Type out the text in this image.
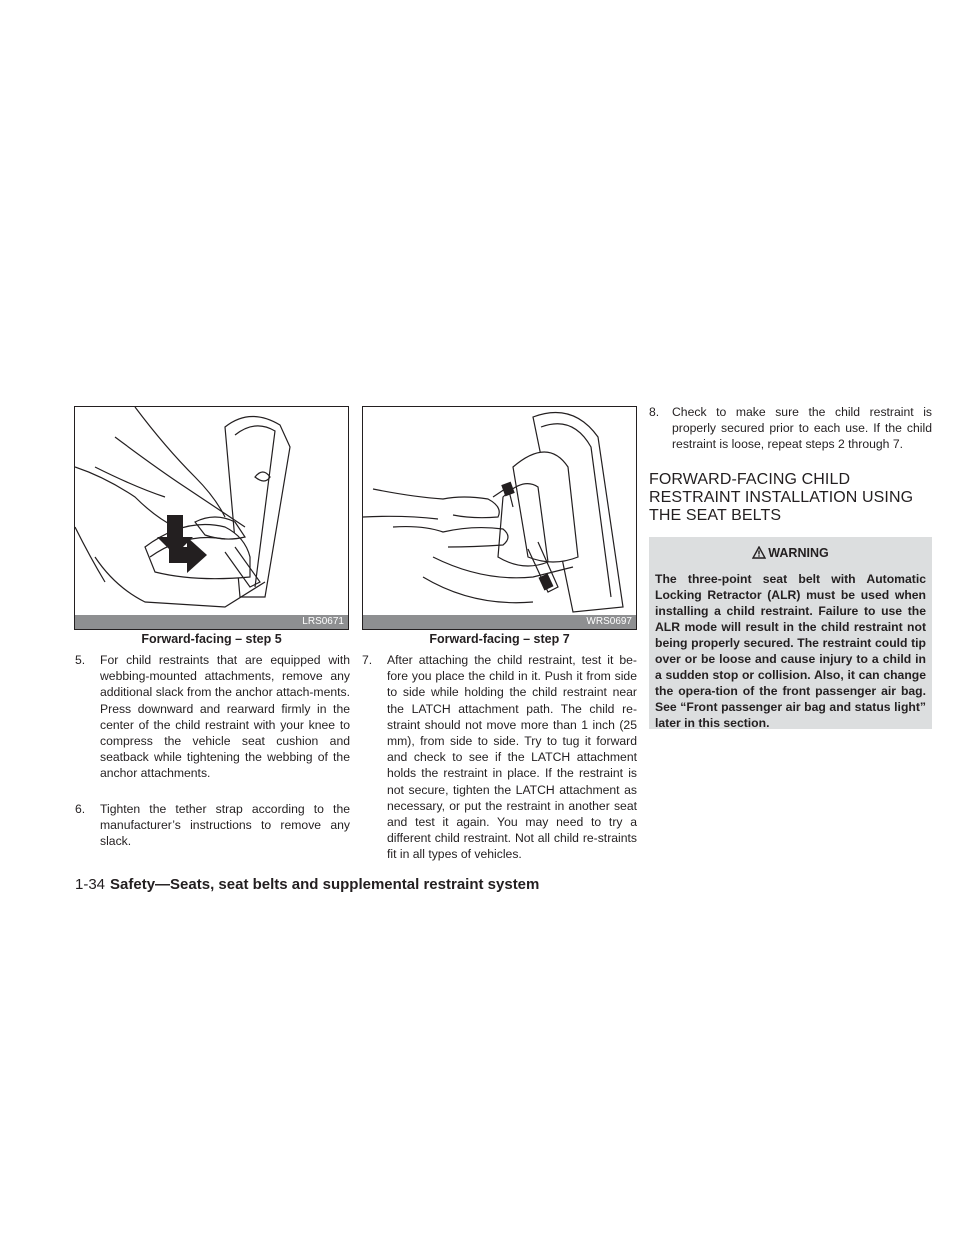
LRS0671
Forward-facing – step 5
WRS0697
Forward-facing – step 7
5. For child restraints that are equipped with webbing-mounted attachments, remove any additional slack from the anchor attach-ments. Press downward and rearward firmly in the center of the child restraint with your knee to compress the vehicle seat cushion and seatback while tightening the webbing of the anchor attachments.
6. Tighten the tether strap according to the manufacturer’s instructions to remove any slack.
7. After attaching the child restraint, test it be-fore you place the child in it. Push it from side to side while holding the child restraint near the LATCH attachment path. The child re-straint should not move more than 1 inch (25 mm), from side to side. Try to tug it forward and check to see if the LATCH attachment holds the restraint in place. If the restraint is not secure, tighten the LATCH attachment as necessary, or put the restraint in another seat and test it again. You may need to try a different child restraint. Not all child re-straints fit in all types of vehicles.
8. Check to make sure the child restraint is properly secured prior to each use. If the child restraint is loose, repeat steps 2 through 7.
FORWARD-FACING CHILD
RESTRAINT INSTALLATION USING
THE SEAT BELTS
WARNING
The three-point seat belt with Automatic Locking Retractor (ALR) must be used when installing a child restraint. Failure to use the ALR mode will result in the child restraint not being properly secured. The restraint could tip over or be loose and cause injury to a child in a sudden stop or collision. Also, it can change the opera-tion of the front passenger air bag. See “Front passenger air bag and status light” later in this section.
1-34 Safety—Seats, seat belts and supplemental restraint system
